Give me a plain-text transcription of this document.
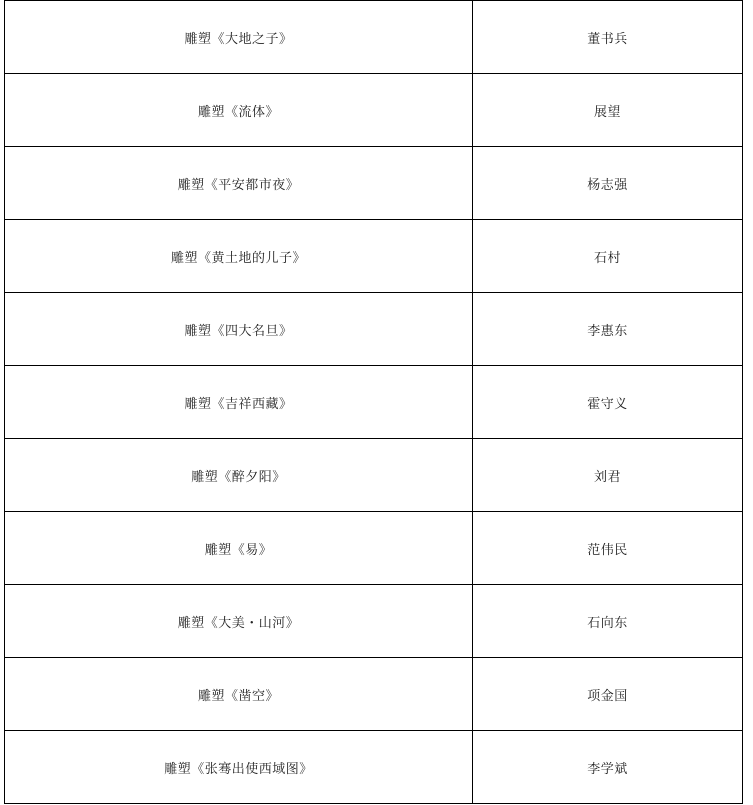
雕塑《大地之子》	董书兵
雕塑《流体》	展望
雕塑《平安都市夜》	杨志强
雕塑《黄土地的儿子》	石村
雕塑《四大名旦》	李惠东
雕塑《吉祥西藏》	霍守义
雕塑《醉夕阳》	刘君
雕塑《易》	范伟民
雕塑《大美・山河》	石向东
雕塑《凿空》	项金国
雕塑《张骞出使西域图》	李学斌
